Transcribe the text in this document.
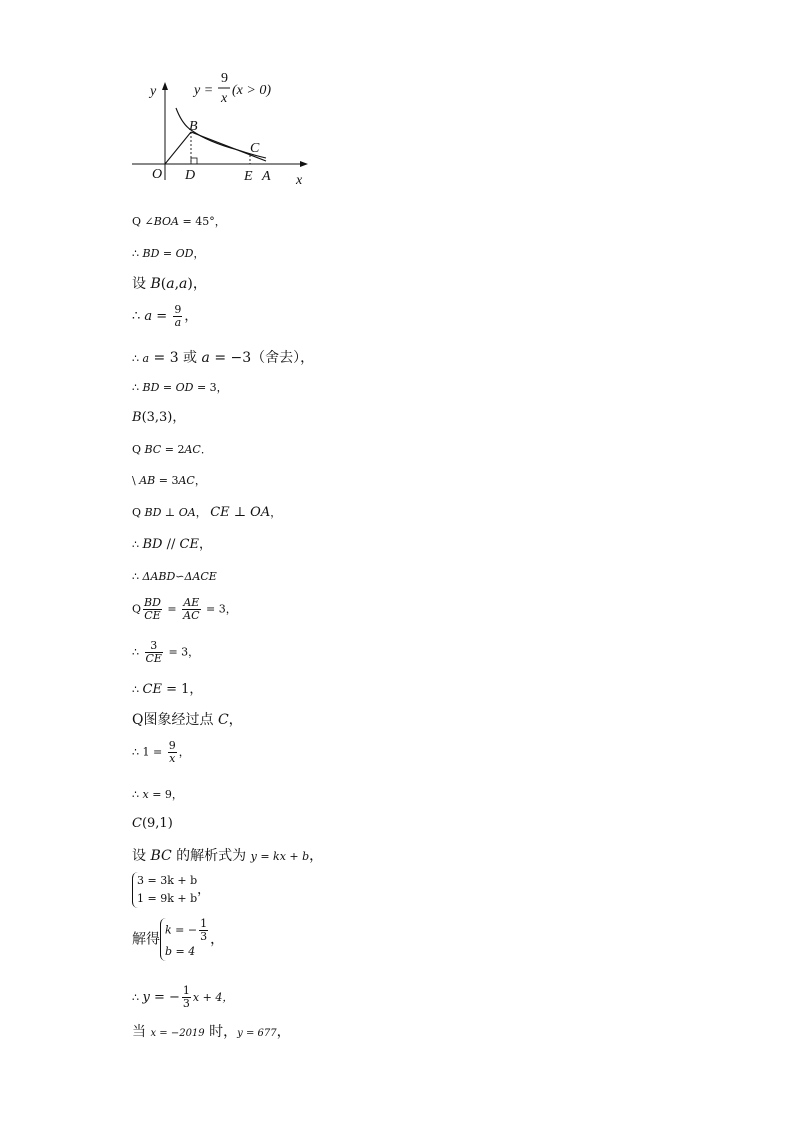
y
x
B
C
O D	E A
y =
9
x
(x > 0)
Q ∠BOA = 45°，
∴ BD = OD，
设 B(a,a)，
∴ $a = \frac{9}{a}$ ，
∴ a = 3 或 a = −3（舍去），
∴ BD = OD = 3，
B(3,3)，
Q BC = 2AC．
\ AB = 3AC，
Q BD ⊥ OA， CE ⊥ OA，
∴ BD // CE，
∴ ΔABD∽ΔACE
Q $\frac{BD}{CE} = \frac{AE}{AC} = 3$，
∴ $\frac{3}{CE} = 3$，
∴ CE = 1，
Q图象经过点 C，
∴ $1 = \frac{9}{x}$ ，
∴ x = 9，
C(9,1)
设 BC 的解析式为 y = kx + b，
3 = 3k + b
1 = 9k + b
，
解得
k = − $\frac{1}{3}$
b = 4
，
∴ y = − $\frac{1}{3}$ x + 4，
当 x = −2019 时，y = 677，
